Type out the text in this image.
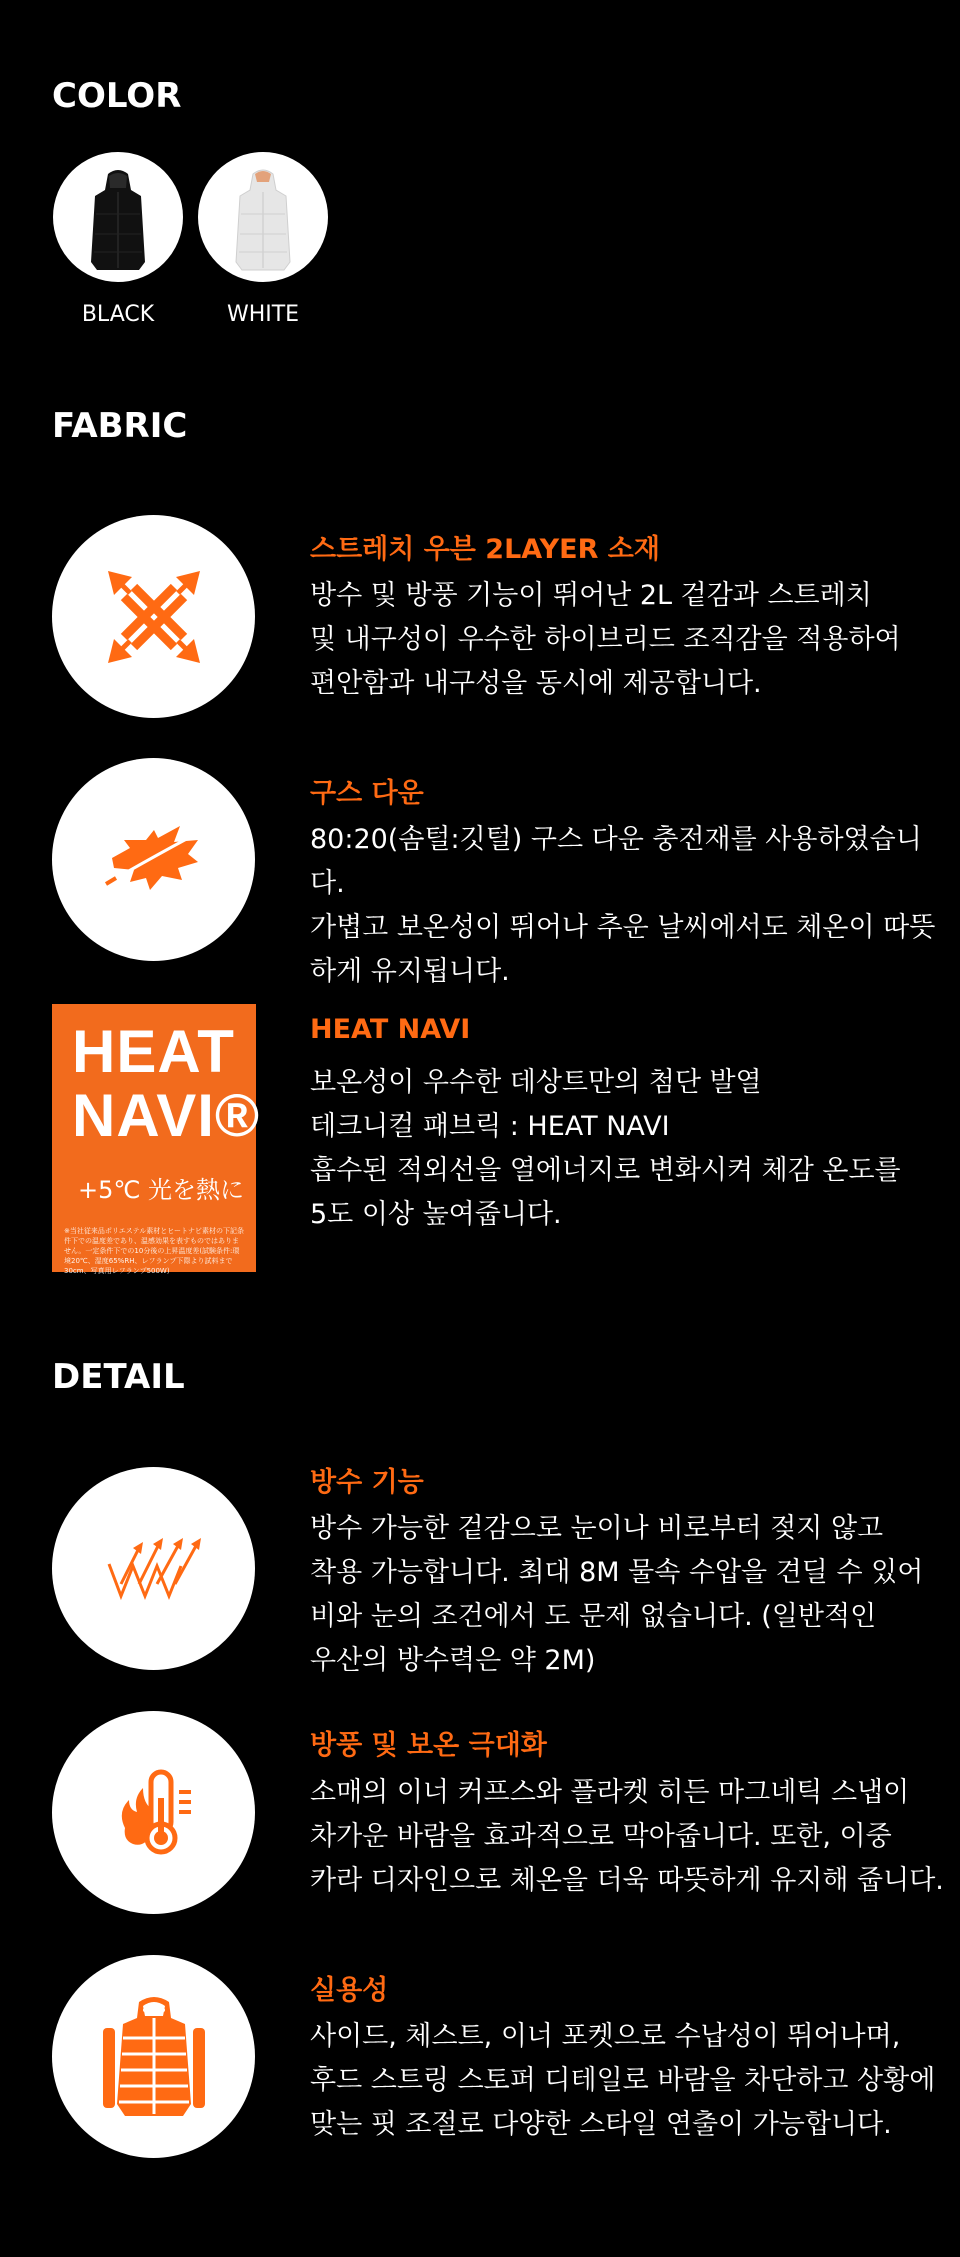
COLOR
BLACK	WHITE
FABRIC
스트레치 우븐 2LAYER 소재
방수 및 방풍 기능이 뛰어난 2L 겉감과 스트레치
및 내구성이 우수한 하이브리드 조직감을 적용하여
편안함과 내구성을 동시에 제공합니다.
구스 다운
80:20(솜털:깃털) 구스 다운 충전재를 사용하였습니다.
가볍고 보온성이 뛰어나 추운 날씨에서도 체온이 따뜻
하게 유지됩니다.
HEAT
NAVI®
+5℃ 光を熱に
※当社従来品ポリエステル素材とヒートナビ素材の下記条件下での温度差であり、温感効果を表すものではありません。一定条件下での10分後の上昇温度差(試験条件:環境20℃、湿度65%RH、レフランプ下際より試料まで30cm、写真用レフランプ500W)
HEAT NAVI
보온성이 우수한 데상트만의 첨단 발열
테크니컬 패브릭 : HEAT NAVI
흡수된 적외선을 열에너지로 변화시켜 체감 온도를
5도 이상 높여줍니다.
DETAIL
방수 기능
방수 가능한 겉감으로 눈이나 비로부터 젖지 않고
착용 가능합니다. 최대 8M 물속 수압을 견딜 수 있어
비와 눈의 조건에서 도 문제 없습니다. (일반적인
우산의 방수력은 약 2M)
방풍 및 보온 극대화
소매의 이너 커프스와 플라켓 히든 마그네틱 스냅이
차가운 바람을 효과적으로 막아줍니다. 또한, 이중
카라 디자인으로 체온을 더욱 따뜻하게 유지해 줍니다.
실용성
사이드, 체스트, 이너 포켓으로 수납성이 뛰어나며,
후드 스트링 스토퍼 디테일로 바람을 차단하고 상황에
맞는 핏 조절로 다양한 스타일 연출이 가능합니다.
